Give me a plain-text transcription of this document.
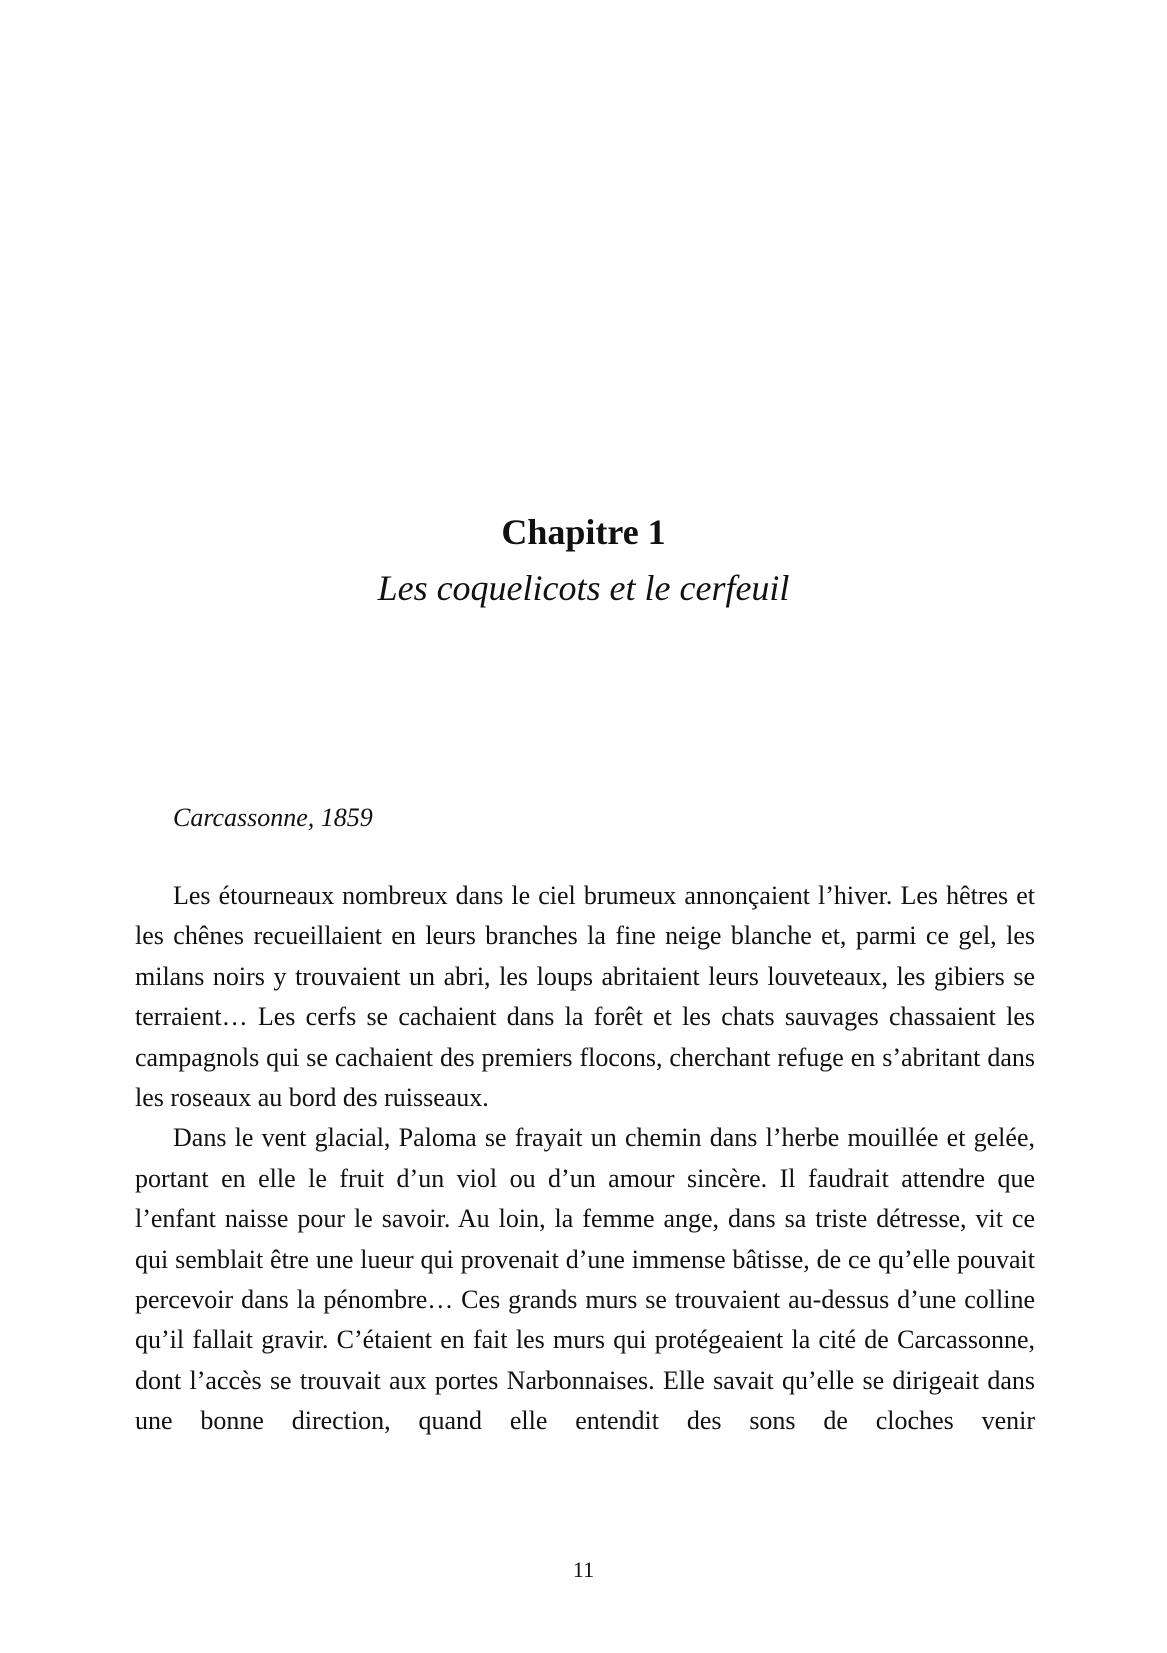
Chapitre 1
Les coquelicots et le cerfeuil
Carcassonne, 1859

Les étourneaux nombreux dans le ciel brumeux annonçaient l’hiver. Les hêtres et les chênes recueillaient en leurs branches la fine neige blanche et, parmi ce gel, les milans noirs y trouvaient un abri, les loups abritaient leurs louveteaux, les gibiers se terraient… Les cerfs se cachaient dans la forêt et les chats sauvages chassaient les campagnols qui se cachaient des premiers flocons, cherchant refuge en s’abritant dans les roseaux au bord des ruisseaux.

Dans le vent glacial, Paloma se frayait un chemin dans l’herbe mouillée et gelée, portant en elle le fruit d’un viol ou d’un amour sincère. Il faudrait attendre que l’enfant naisse pour le savoir. Au loin, la femme ange, dans sa triste détresse, vit ce qui semblait être une lueur qui provenait d’une immense bâtisse, de ce qu’elle pouvait percevoir dans la pénombre… Ces grands murs se trouvaient au-dessus d’une colline qu’il fallait gravir. C’étaient en fait les murs qui protégeaient la cité de Carcassonne, dont l’accès se trouvait aux portes Narbonnaises. Elle savait qu’elle se dirigeait dans une bonne direction, quand elle entendit des sons de cloches venir

11
